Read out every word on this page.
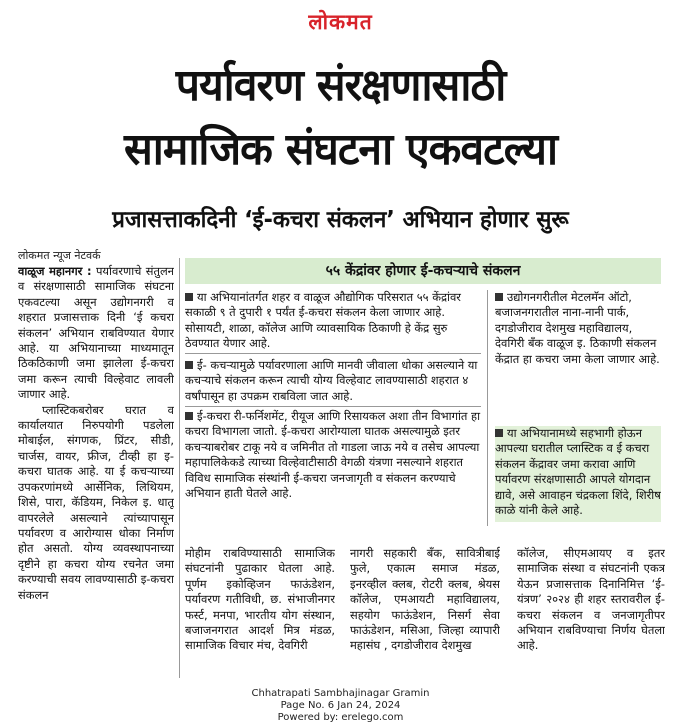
लोकमत
पर्यावरण संरक्षणासाठी
सामाजिक संघटना एकवटल्या
प्रजासत्ताकदिनी ‘ई-कचरा संकलन’ अभियान होणार सुरू
लोकमत न्यूज नेटवर्क
वाळूज महानगर : पर्यावरणाचे संतुलन व संरक्षणासाठी सामाजिक संघटना एकवटल्या असून उद्योगनगरी व शहरात प्रजासत्ताक दिनी ‘ई कचरा संकलन’ अभियान राबविण्यात येणार आहे. या अभियानाच्या माध्यमातून ठिकठिकाणी जमा झालेला ई-कचरा जमा करून त्याची विल्हेवाट लावली जाणार आहे.
प्लास्टिकबरोबर घरात व कार्यालयात निरुपयोगी पडलेला मोबाईल, संगणक, प्रिंटर, सीडी, चार्जस, वायर, फ्रीज, टीव्ही हा इ-कचरा घातक आहे. या ई कचऱ्याच्या उपकरणांमध्ये आर्सेनिक, लिथियम, शिसे, पारा, कॅडियम, निकेल इ. धातू वापरलेले असल्याने त्यांच्यापासून पर्यावरण व आरोग्यास धोका निर्माण होत असतो. योग्य व्यवस्थापनाच्या दृष्टीने हा कचरा योग्य रचनेत जमा करण्याची सवय लावण्यासाठी इ-कचरा संकलन
५५ केंद्रांवर होणार ई-कचऱ्याचे संकलन
या अभियानांतर्गत शहर व वाळूज औद्योगिक परिसरात ५५ केंद्रांवर सकाळी ९ ते दुपारी १ पर्यंत ई-कचरा संकलन केला जाणार आहे. सोसायटी, शाळा, कॉलेज आणि व्यावसायिक ठिकाणी हे केंद्र सुरु ठेवण्यात येणार आहे.
ई- कचऱ्यामुळे पर्यावरणाला आणि मानवी जीवाला धोका असल्याने या कचऱ्याचे संकलन करून त्याची योग्य विल्हेवाट लावण्यासाठी शहरात ४ वर्षांपासून हा उपक्रम राबविला जात आहे.
ई-कचरा री-फर्निशमेंट, रीयूज आणि रिसायकल अशा तीन विभागांत हा कचरा विभागला जातो. ई-कचरा आरोग्याला घातक असल्यामुळे इतर कचऱ्याबरोबर टाकू नये व जमिनीत तो गाडला जाऊ नये व तसेच आपल्या महापालिकेकडे त्याच्या विल्हेवाटीसाठी वेगळी यंत्रणा नसल्याने शहरात विविध सामाजिक संस्थांनी ई-कचरा जनजागृती व संकलन करण्याचे अभियान हाती घेतले आहे.
उद्योगनगरीतील मेटलमॅन ऑटो, बजाजनगरातील नाना-नानी पार्क, दगडोजीराव देशमुख महाविद्यालय, देवगिरी बँक वाळूज इ. ठिकाणी संकलन केंद्रात हा कचरा जमा केला जाणार आहे.
या अभियानामध्ये सहभागी होऊन आपल्या घरातील प्लास्टिक व ई कचरा संकलन केंद्रावर जमा करावा आणि पर्यावरण संरक्षणासाठी आपले योगदान द्यावे, असे आवाहन चंद्रकला शिंदे, शिरीष काळे यांनी केले आहे.
मोहीम राबविण्यासाठी सामाजिक संघटनांनी पुढाकार घेतला आहे. पूर्णम इकोव्हिजन फाऊंडेशन, पर्यावरण गतीविधी, छ. संभाजीनगर फर्स्ट, मनपा, भारतीय योग संस्थान, बजाजनगरात आदर्श मित्र मंडळ, सामाजिक विचार मंच, देवगिरी
नागरी सहकारी बँक, सावित्रीबाई फुले, एकात्म समाज मंडळ, इनरव्हील क्लब, रोटरी क्लब, श्रेयस कॉलेज, एमआयटी महाविद्यालय, सहयोग फाऊंडेशन, निसर्ग सेवा फाऊंडेशन, मसिआ, जिल्हा व्यापारी महासंघ , दगडोजीराव देशमुख
कॉलेज, सीएमआयए व इतर सामाजिक संस्था व संघटनांनी एकत्र येऊन प्रजासत्ताक दिनानिमित्त ‘ई-यंत्रण’ २०२४ ही शहर स्तरावरील ई-कचरा संकलन व जनजागृतीपर अभियान राबविण्याचा निर्णय घेतला आहे.
Chhatrapati Sambhajinagar Gramin
Page No. 6 Jan 24, 2024
Powered by: erelego.com
